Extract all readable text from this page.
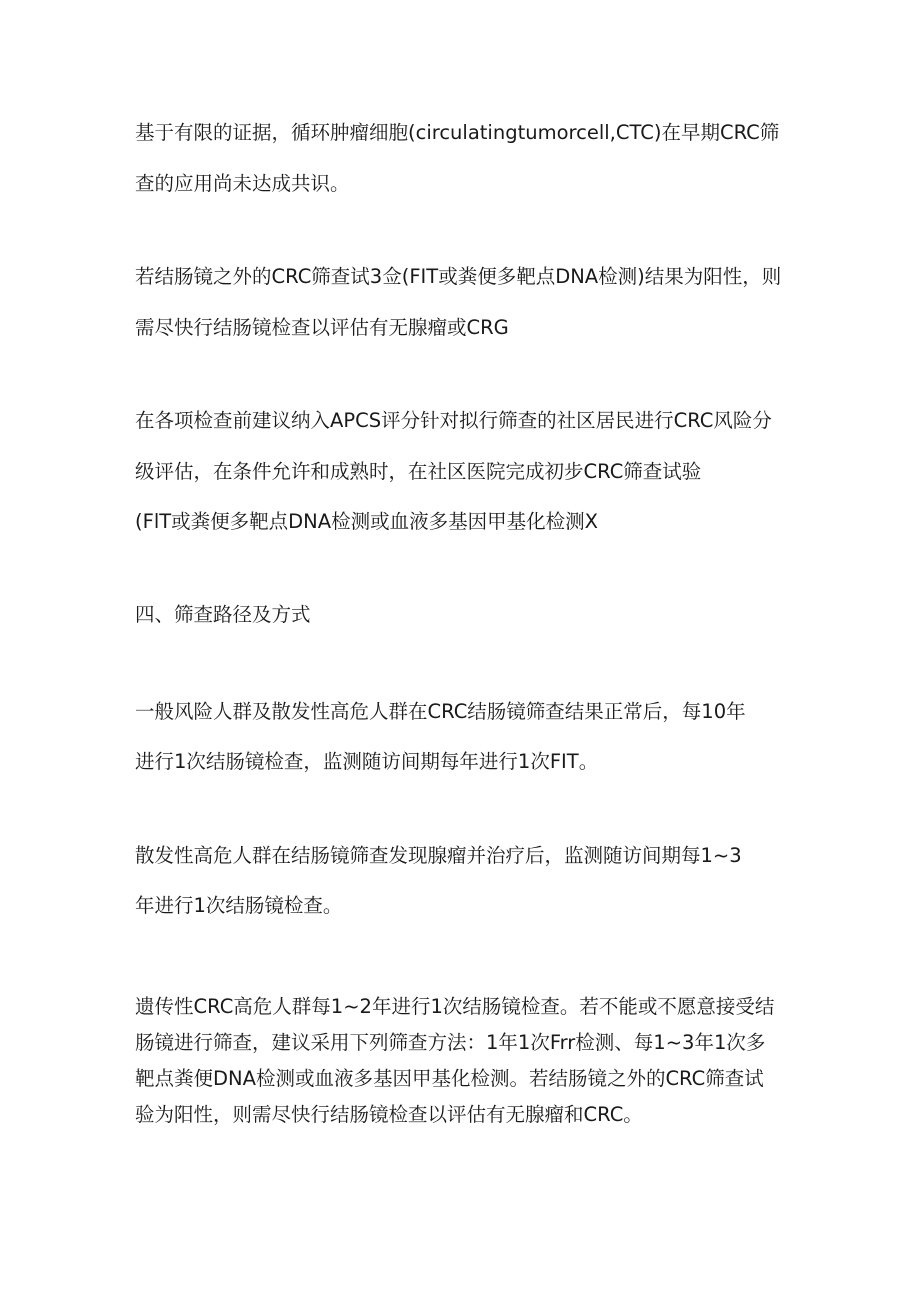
基于有限的证据，循环肿瘤细胞(circulatingtumorcell,CTC)在早期CRC筛
查的应用尚未达成共识。
若结肠镜之外的CRC筛查试3佥(FIT或粪便多靶点DNA检测)结果为阳性，则
需尽快行结肠镜检查以评估有无腺瘤或CRG
在各项检查前建议纳入APCS评分针对拟行筛查的社区居民进行CRC风险分
级评估，在条件允许和成熟时，在社区医院完成初步CRC筛查试验
(FlT或粪便多靶点DNA检测或血液多基因甲基化检测X
四、筛查路径及方式
一般风险人群及散发性高危人群在CRC结肠镜筛查结果正常后，每10年
进行1次结肠镜检查，监测随访间期每年进行1次FIT。
散发性高危人群在结肠镜筛查发现腺瘤并治疗后，监测随访间期每1~3
年进行1次结肠镜检查。
遗传性CRC高危人群每1~2年进行1次结肠镜检查。若不能或不愿意接受结
肠镜进行筛查，建议采用下列筛查方法：1年1次Frr检测、每1~3年1次多
靶点粪便DNA检测或血液多基因甲基化检测。若结肠镜之外的CRC筛查试
验为阳性，则需尽快行结肠镜检查以评估有无腺瘤和CRC。
